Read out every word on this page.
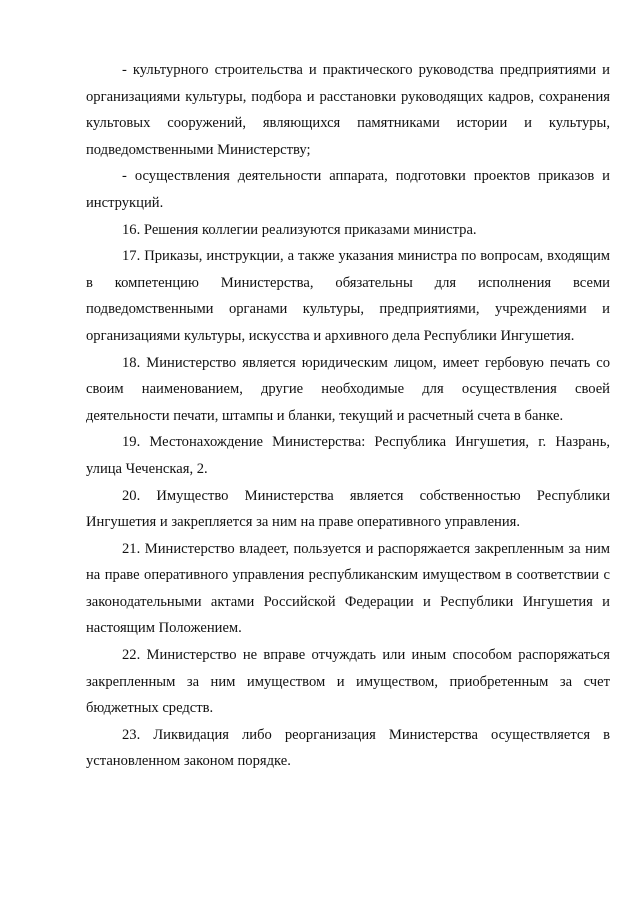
- культурного строительства и практического руководства предприятиями и организациями культуры, подбора и расстановки руководящих кадров, сохранения культовых сооружений, являющихся памятниками истории и культуры, подведомственными Министерству;

- осуществления деятельности аппарата, подготовки проектов приказов и инструкций.

16. Решения коллегии реализуются приказами министра.

17. Приказы, инструкции, а также указания министра по вопросам, входящим в компетенцию Министерства, обязательны для исполнения всеми подведомственными органами культуры, предприятиями, учреждениями и организациями культуры, искусства и архивного дела Республики Ингушетия.

18. Министерство является юридическим лицом, имеет гербовую печать со своим наименованием, другие необходимые для осуществления своей деятельности печати, штампы и бланки, текущий и расчетный счета в банке.

19. Местонахождение Министерства: Республика Ингушетия, г. Назрань, улица Чеченская, 2.

20. Имущество Министерства является собственностью Республики Ингушетия и закрепляется за ним на праве оперативного управления.

21. Министерство владеет, пользуется и распоряжается закрепленным за ним на праве оперативного управления республиканским имуществом в соответствии с законодательными актами Российской Федерации и Республики Ингушетия и настоящим Положением.

22. Министерство не вправе отчуждать или иным способом распоряжаться закрепленным за ним имуществом и имуществом, приобретенным за счет бюджетных средств.

23. Ликвидация либо реорганизация Министерства осуществляется в установленном законом порядке.
